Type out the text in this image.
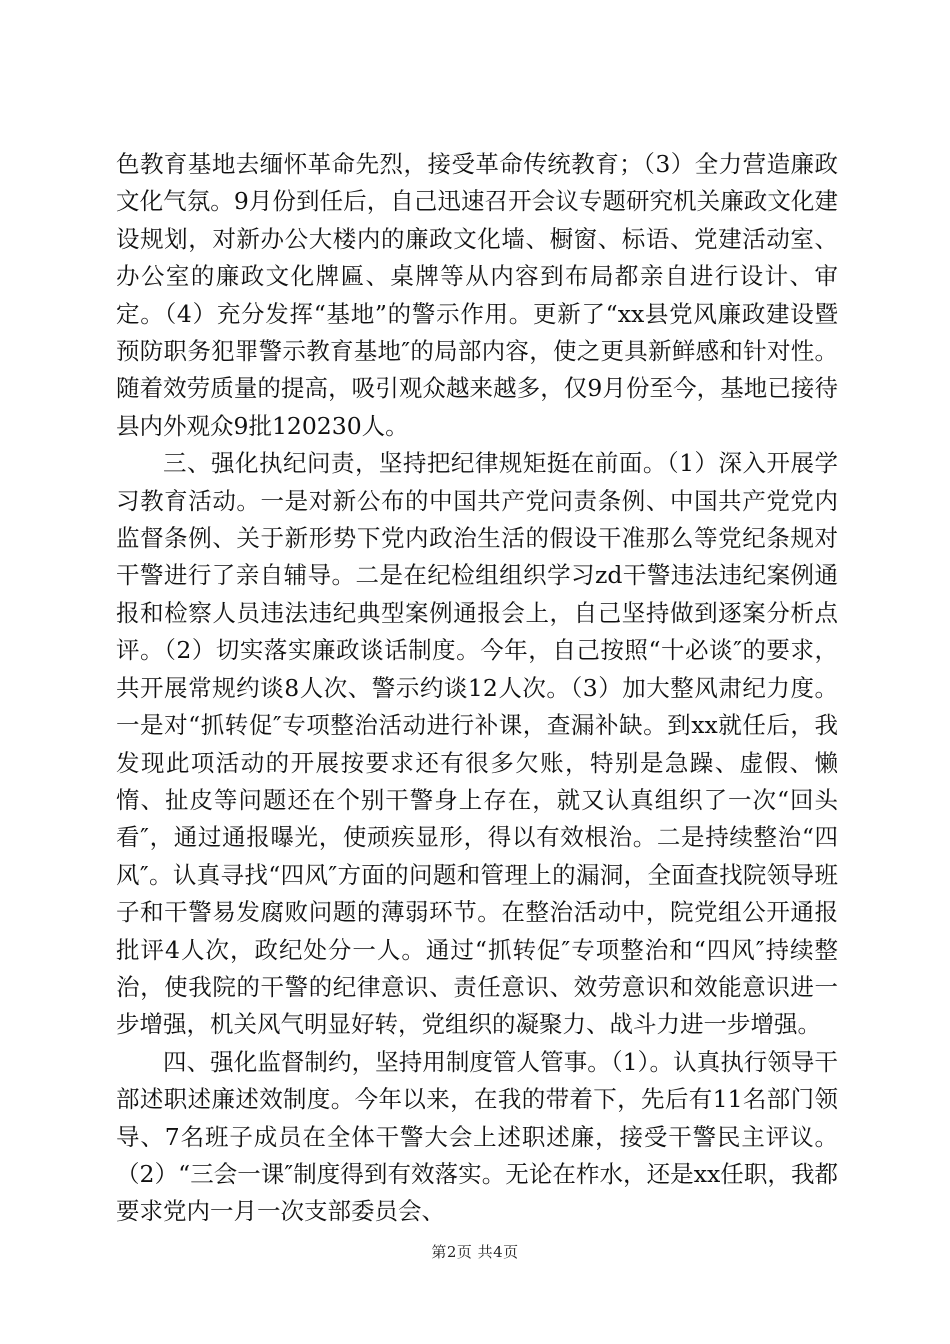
色教育基地去缅怀革命先烈，接受革命传统教育；（3）全力营造廉政文化气氛。9月份到任后，自己迅速召开会议专题研究机关廉政文化建设规划，对新办公大楼内的廉政文化墙、橱窗、标语、党建活动室、办公室的廉政文化牌匾、桌牌等从内容到布局都亲自进行设计、审定。（4）充分发挥“基地”的警示作用。更新了“xx县党风廉政建设暨预防职务犯罪警示教育基地″的局部内容，使之更具新鲜感和针对性。随着效劳质量的提高，吸引观众越来越多，仅9月份至今，基地已接待县内外观众9批120230人。

三、强化执纪问责，坚持把纪律规矩挺在前面。（1）深入开展学习教育活动。一是对新公布的中国共产党问责条例、中国共产党党内监督条例、关于新形势下党内政治生活的假设干准那么等党纪条规对干警进行了亲自辅导。二是在纪检组组织学习zd干警违法违纪案例通报和检察人员违法违纪典型案例通报会上，自己坚持做到逐案分析点评。（2）切实落实廉政谈话制度。今年，自己按照“十必谈″的要求，共开展常规约谈8人次、警示约谈12人次。（3）加大整风肃纪力度。一是对“抓转促″专项整治活动进行补课，查漏补缺。到xx就任后，我发现此项活动的开展按要求还有很多欠账，特别是急躁、虚假、懒惰、扯皮等问题还在个别干警身上存在，就又认真组织了一次“回头看″，通过通报曝光，使顽疾显形，得以有效根治。二是持续整治“四风″。认真寻找“四风″方面的问题和管理上的漏洞，全面查找院领导班子和干警易发腐败问题的薄弱环节。在整治活动中，院党组公开通报批评4人次，政纪处分一人。通过“抓转促″专项整治和“四风″持续整治，使我院的干警的纪律意识、责任意识、效劳意识和效能意识进一步增强，机关风气明显好转，党组织的凝聚力、战斗力进一步增强。

四、强化监督制约，坚持用制度管人管事。（1）。认真执行领导干部述职述廉述效制度。今年以来，在我的带着下，先后有11名部门领导、7名班子成员在全体干警大会上述职述廉，接受干警民主评议。（2）“三会一课″制度得到有效落实。无论在柞水，还是xx任职，我都要求党内一月一次支部委员会、

第2页 共4页
